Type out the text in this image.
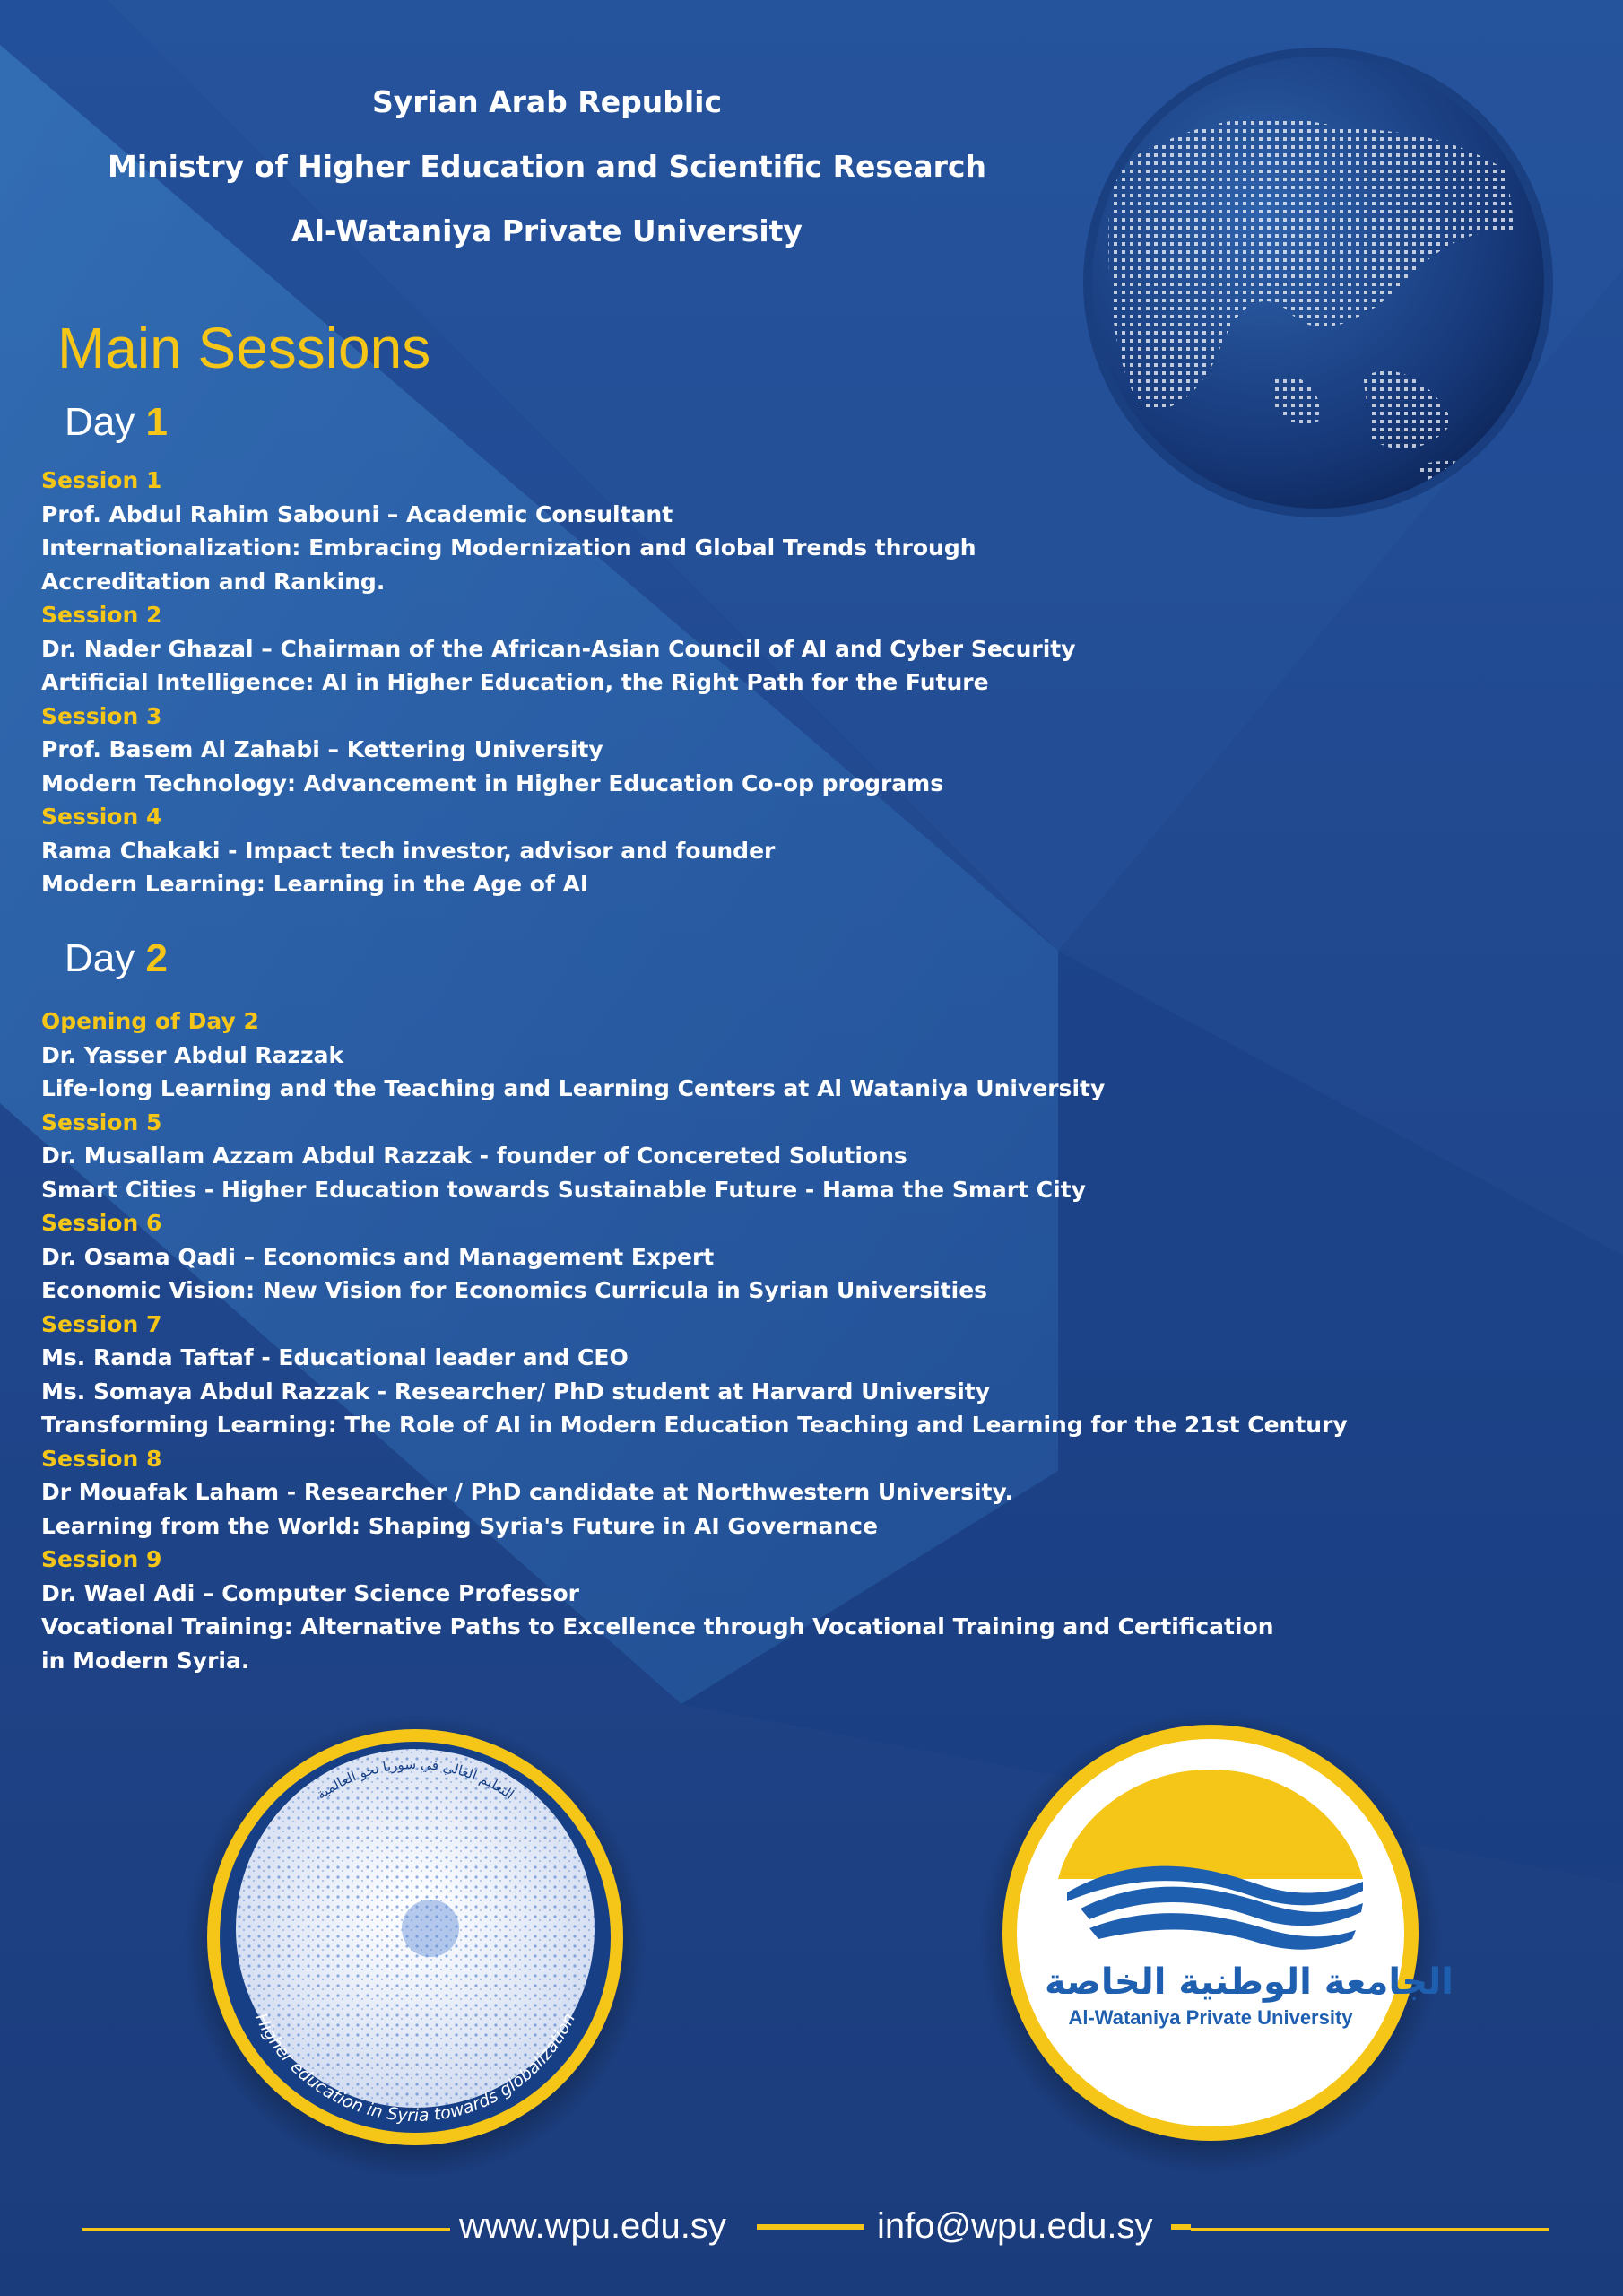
Syrian Arab Republic
Ministry of Higher Education and Scientific Research
Al-Wataniya Private University
Main Sessions
Day 1
Session 1
Prof. Abdul Rahim Sabouni – Academic Consultant
Internationalization: Embracing Modernization and Global Trends through
Accreditation and Ranking.
Session 2
Dr. Nader Ghazal – Chairman of the African-Asian Council of AI and Cyber Security
Artificial Intelligence: AI in Higher Education, the Right Path for the Future
Session 3
Prof. Basem Al Zahabi – Kettering University
Modern Technology: Advancement in Higher Education Co-op programs
Session 4
Rama Chakaki - Impact tech investor, advisor and founder
Modern Learning: Learning in the Age of AI
Day 2
Opening of Day 2
Dr. Yasser Abdul Razzak
Life-long Learning and the Teaching and Learning Centers at Al Wataniya University
Session 5
Dr. Musallam Azzam Abdul Razzak - founder of Concereted Solutions
Smart Cities - Higher Education towards Sustainable Future - Hama the Smart City
Session 6
Dr. Osama Qadi – Economics and Management Expert
Economic Vision: New Vision for Economics Curricula in Syrian Universities
Session 7
Ms. Randa Taftaf - Educational leader and CEO
Ms. Somaya Abdul Razzak - Researcher/ PhD student at Harvard University
Transforming Learning: The Role of AI in Modern Education Teaching and Learning for the 21st Century
Session 8
Dr Mouafak Laham - Researcher / PhD candidate at Northwestern University.
Learning from the World: Shaping Syria's Future in AI Governance
Session 9
Dr. Wael Adi – Computer Science Professor
Vocational Training: Alternative Paths to Excellence through Vocational Training and Certification
in Modern Syria.
التعليم العالي في سوريا نحو العالمية
Higher education in Syria towards globalization
الجامعة الوطنية الخاصة
Al-Wataniya Private University
www.wpu.edu.sy	info@wpu.edu.sy
